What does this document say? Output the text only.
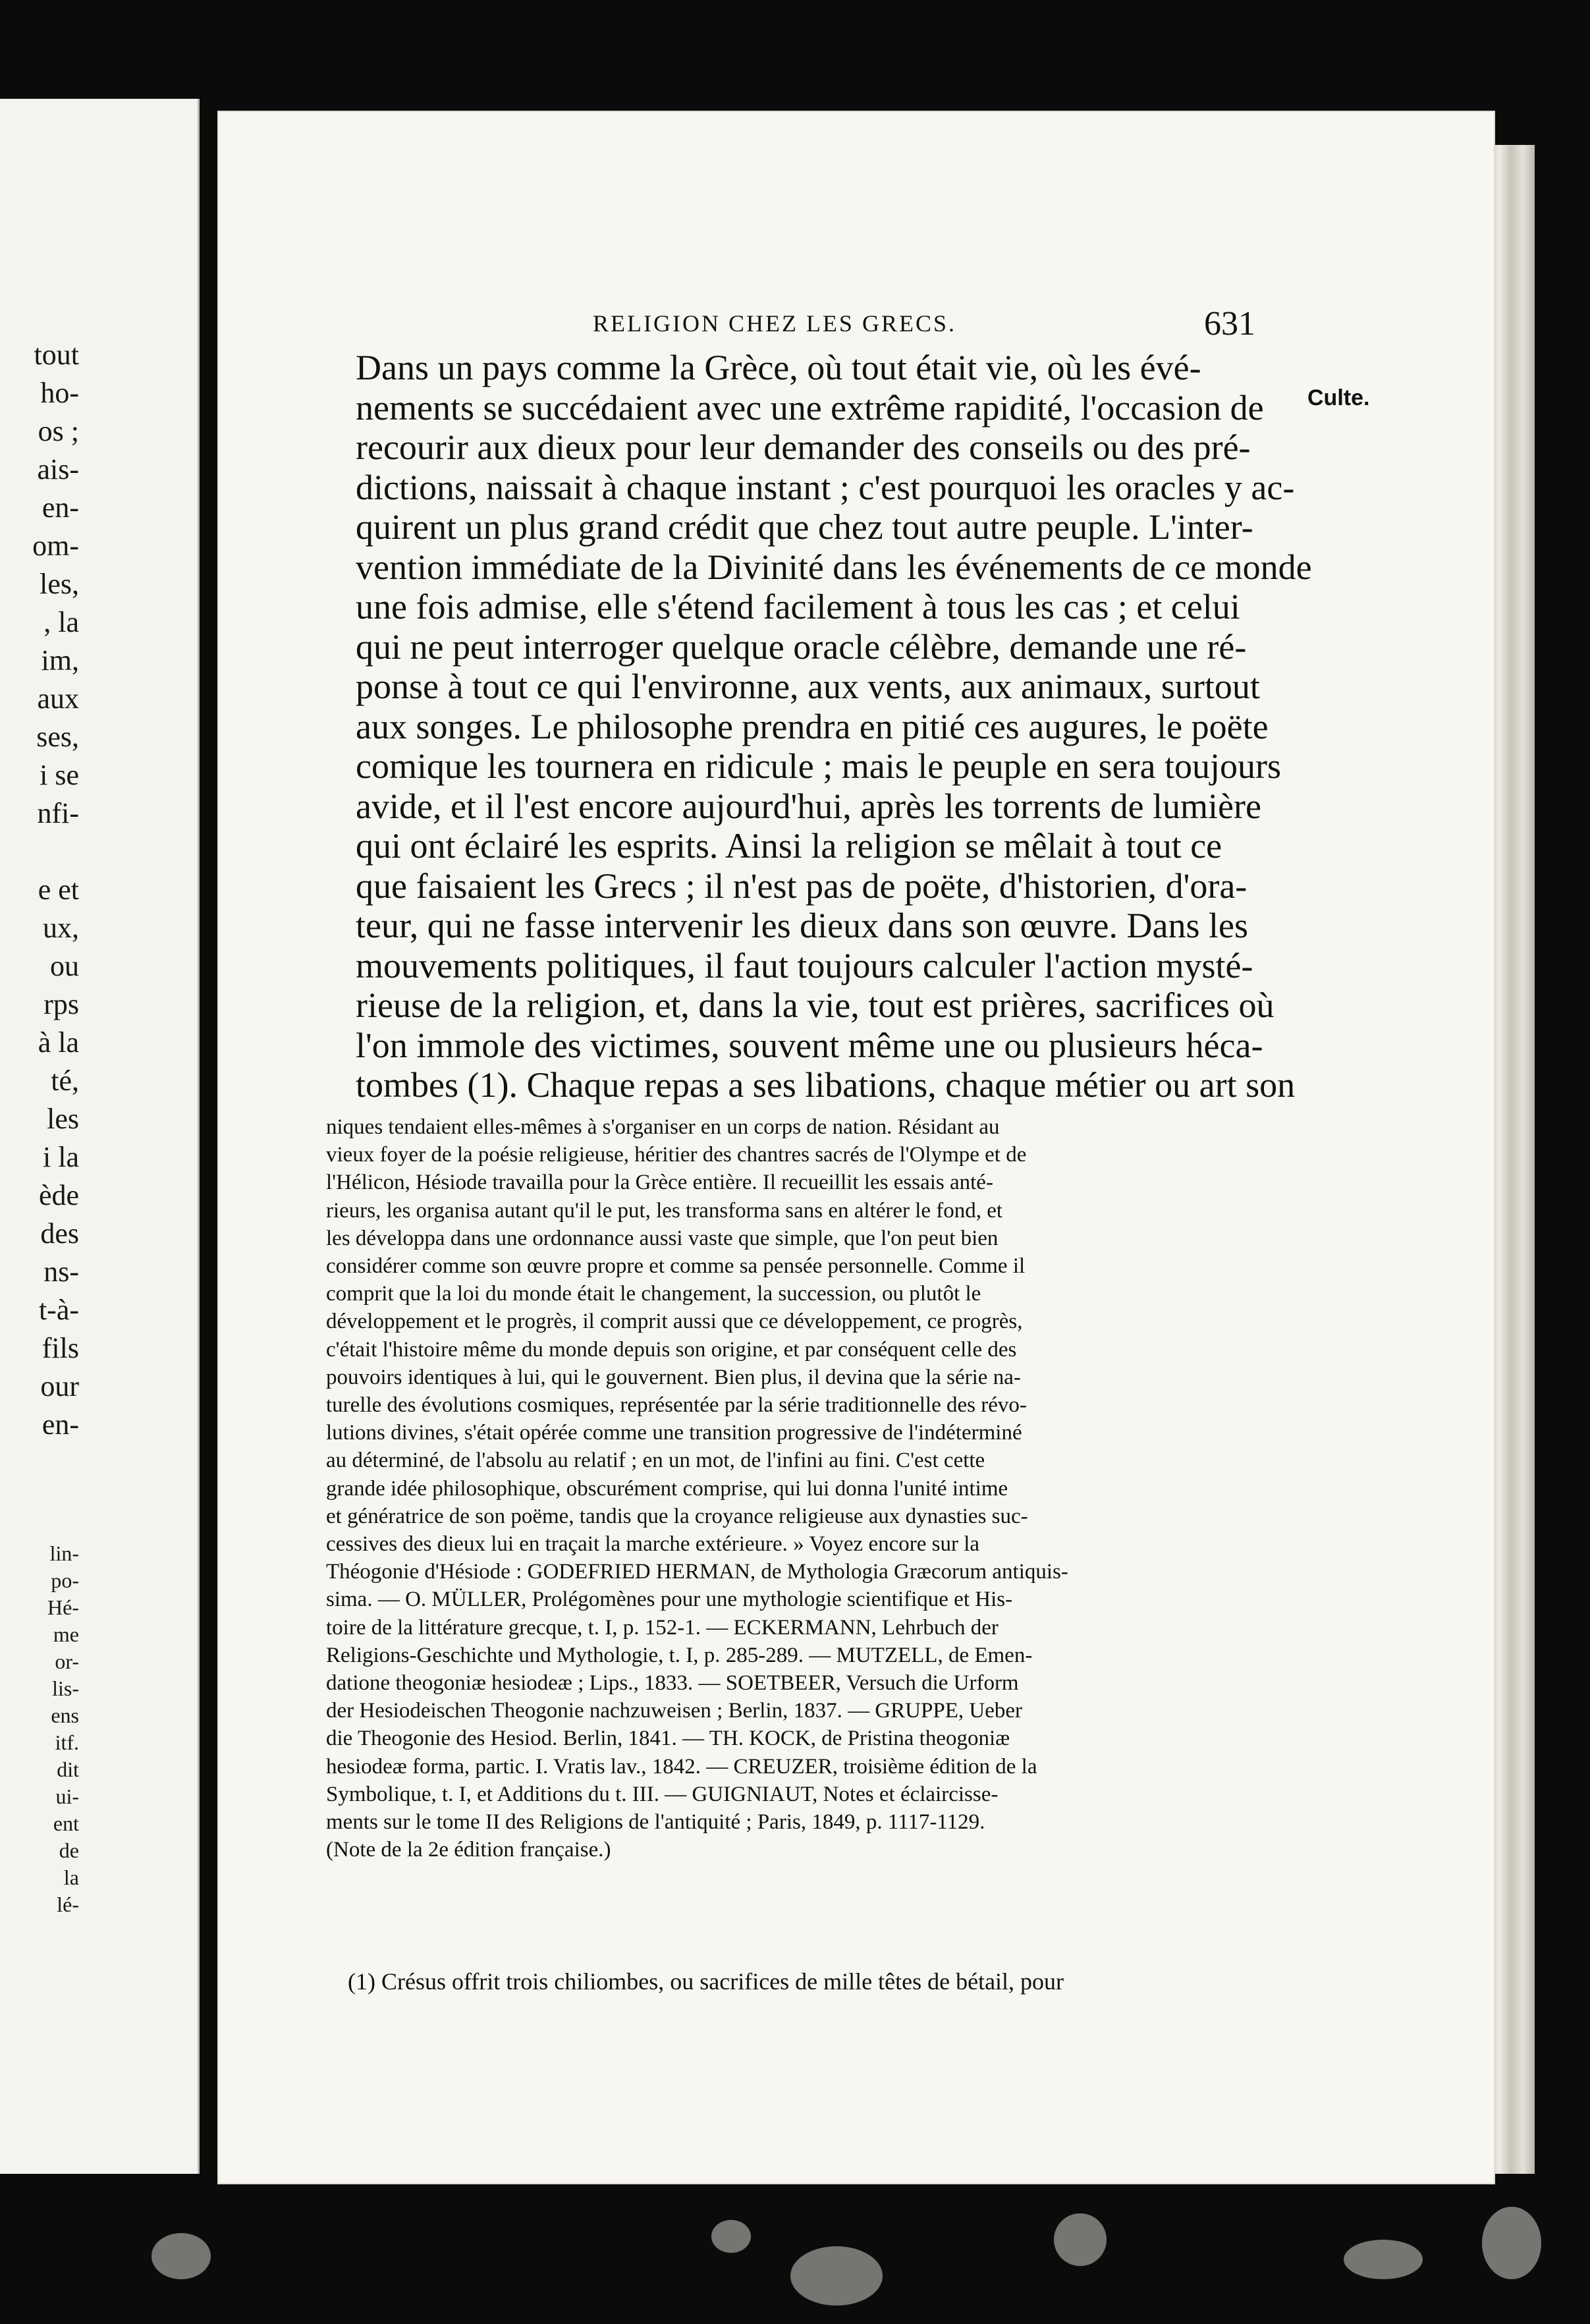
tout
ho-
os ;
ais-
en-
om-
les,
, la
im,
aux
ses,
i se
nfi-

e et
ux,
ou
rps
à la
té,
les
i la
ède
des
ns-
t-à-
fils
our
en-
lin-
po-
Hé-
me
or-
lis-
ens
itf.
dit
ui-
ent
de
la
lé-
RELIGION CHEZ LES GRECS.	631
Culte.
Dans un pays comme la Grèce, où tout était vie, où les évé-
nements se succédaient avec une extrême rapidité, l'occasion de
recourir aux dieux pour leur demander des conseils ou des pré-
dictions, naissait à chaque instant ; c'est pourquoi les oracles y ac-
quirent un plus grand crédit que chez tout autre peuple. L'inter-
vention immédiate de la Divinité dans les événements de ce monde
une fois admise, elle s'étend facilement à tous les cas ; et celui
qui ne peut interroger quelque oracle célèbre, demande une ré-
ponse à tout ce qui l'environne, aux vents, aux animaux, surtout
aux songes. Le philosophe prendra en pitié ces augures, le poëte
comique les tournera en ridicule ; mais le peuple en sera toujours
avide, et il l'est encore aujourd'hui, après les torrents de lumière
qui ont éclairé les esprits. Ainsi la religion se mêlait à tout ce
que faisaient les Grecs ; il n'est pas de poëte, d'historien, d'ora-
teur, qui ne fasse intervenir les dieux dans son œuvre. Dans les
mouvements politiques, il faut toujours calculer l'action mysté-
rieuse de la religion, et, dans la vie, tout est prières, sacrifices où
l'on immole des victimes, souvent même une ou plusieurs héca-
tombes (1). Chaque repas a ses libations, chaque métier ou art son
niques tendaient elles-mêmes à s'organiser en un corps de nation. Résidant au
vieux foyer de la poésie religieuse, héritier des chantres sacrés de l'Olympe et de
l'Hélicon, Hésiode travailla pour la Grèce entière. Il recueillit les essais anté-
rieurs, les organisa autant qu'il le put, les transforma sans en altérer le fond, et
les développa dans une ordonnance aussi vaste que simple, que l'on peut bien
considérer comme son œuvre propre et comme sa pensée personnelle. Comme il
comprit que la loi du monde était le changement, la succession, ou plutôt le
développement et le progrès, il comprit aussi que ce développement, ce progrès,
c'était l'histoire même du monde depuis son origine, et par conséquent celle des
pouvoirs identiques à lui, qui le gouvernent. Bien plus, il devina que la série na-
turelle des évolutions cosmiques, représentée par la série traditionnelle des révo-
lutions divines, s'était opérée comme une transition progressive de l'indéterminé
au déterminé, de l'absolu au relatif ; en un mot, de l'infini au fini. C'est cette
grande idée philosophique, obscurément comprise, qui lui donna l'unité intime
et génératrice de son poëme, tandis que la croyance religieuse aux dynasties suc-
cessives des dieux lui en traçait la marche extérieure. » Voyez encore sur la
Théogonie d'Hésiode : GODEFRIED HERMAN, de Mythologia Græcorum antiquis-
sima. — O. MÜLLER, Prolégomènes pour une mythologie scientifique et His-
toire de la littérature grecque, t. I, p. 152-1. — ECKERMANN, Lehrbuch der
Religions-Geschichte und Mythologie, t. I, p. 285-289. — MUTZELL, de Emen-
datione theogoniæ hesiodeæ ; Lips., 1833. — SOETBEER, Versuch die Urform
der Hesiodeischen Theogonie nachzuweisen ; Berlin, 1837. — GRUPPE, Ueber
die Theogonie des Hesiod. Berlin, 1841. — TH. KOCK, de Pristina theogoniæ
hesiodeæ forma, partic. I. Vratis lav., 1842. — CREUZER, troisième édition de la
Symbolique, t. I, et Additions du t. III. — GUIGNIAUT, Notes et éclaircisse-
ments sur le tome II des Religions de l'antiquité ; Paris, 1849, p. 1117-1129.
(Note de la 2e édition française.)
(1) Crésus offrit trois chiliombes, ou sacrifices de mille têtes de bétail, pour
